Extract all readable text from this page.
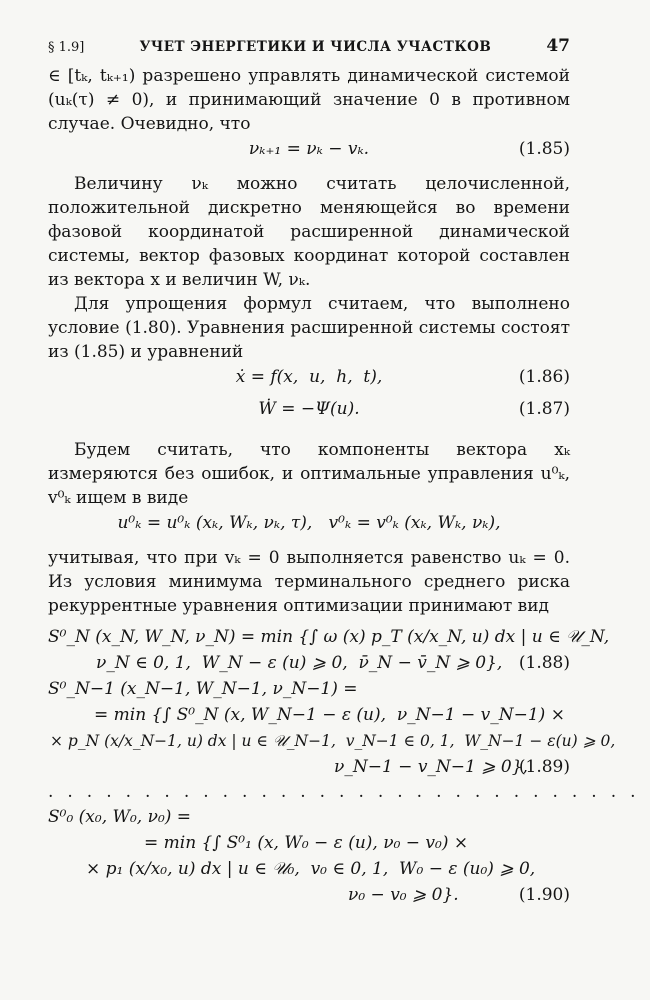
§ 1.9]	УЧЕТ ЭНЕРГЕТИКИ И ЧИСЛА УЧАСТКОВ	47

∈ [tₖ, tₖ₊₁) разрешено управлять динамической системой (uₖ(τ) ≠ 0), и принимающий значение 0 в противном случае. Очевидно, что

νₖ₊₁ = νₖ − vₖ.	(1.85)

Величину νₖ можно считать целочисленной, положительной дискретно меняющейся во времени фазовой координатой расширенной динамической системы, вектор фазовых координат которой составлен из вектора x и величин W, νₖ.

Для упрощения формул считаем, что выполнено условие (1.80). Уравнения расширенной системы состоят из (1.85) и уравнений

ẋ = f(x,  u,  h,  t),	(1.86)
Ẇ = −Ψ(u).	(1.87)

Будем считать, что компоненты вектора xₖ измеряются без ошибок, и оптимальные управления u⁰ₖ, v⁰ₖ ищем в виде

u⁰ₖ = u⁰ₖ (xₖ, Wₖ, νₖ, τ),   v⁰ₖ = v⁰ₖ (xₖ, Wₖ, νₖ),

учитывая, что при vₖ = 0 выполняется равенство uₖ = 0. Из условия минимума терминального среднего риска рекуррентные уравнения оптимизации принимают вид

S⁰_N (x_N, W_N, ν_N) = min {∫ ω (x) p_T (x/x_N, u) dx | u ∈ 𝒰_N,
ν_N ∈ 0, 1,  W_N − ε (u) ⩾ 0,  ν̄_N − v̄_N ⩾ 0}, (1.88)
S⁰_N−1 (x_N−1, W_N−1, ν_N−1) =
= min {∫ S⁰_N (x, W_N−1 − ε (u),  ν_N−1 − v_N−1) ×
× p_N (x/x_N−1, u) dx | u ∈ 𝒰_N−1,  v_N−1 ∈ 0, 1,  W_N−1 − ε(u) ⩾ 0,
ν_N−1 − v_N−1 ⩾ 0},
(1.89)
...............................
S⁰₀ (x₀, W₀, ν₀) =
= min {∫ S⁰₁ (x, W₀ − ε (u), ν₀ − v₀) ×
× p₁ (x/x₀, u) dx | u ∈ 𝒰₀,  v₀ ∈ 0, 1,  W₀ − ε (u₀) ⩾ 0,
ν₀ − v₀ ⩾ 0}.	(1.90)
